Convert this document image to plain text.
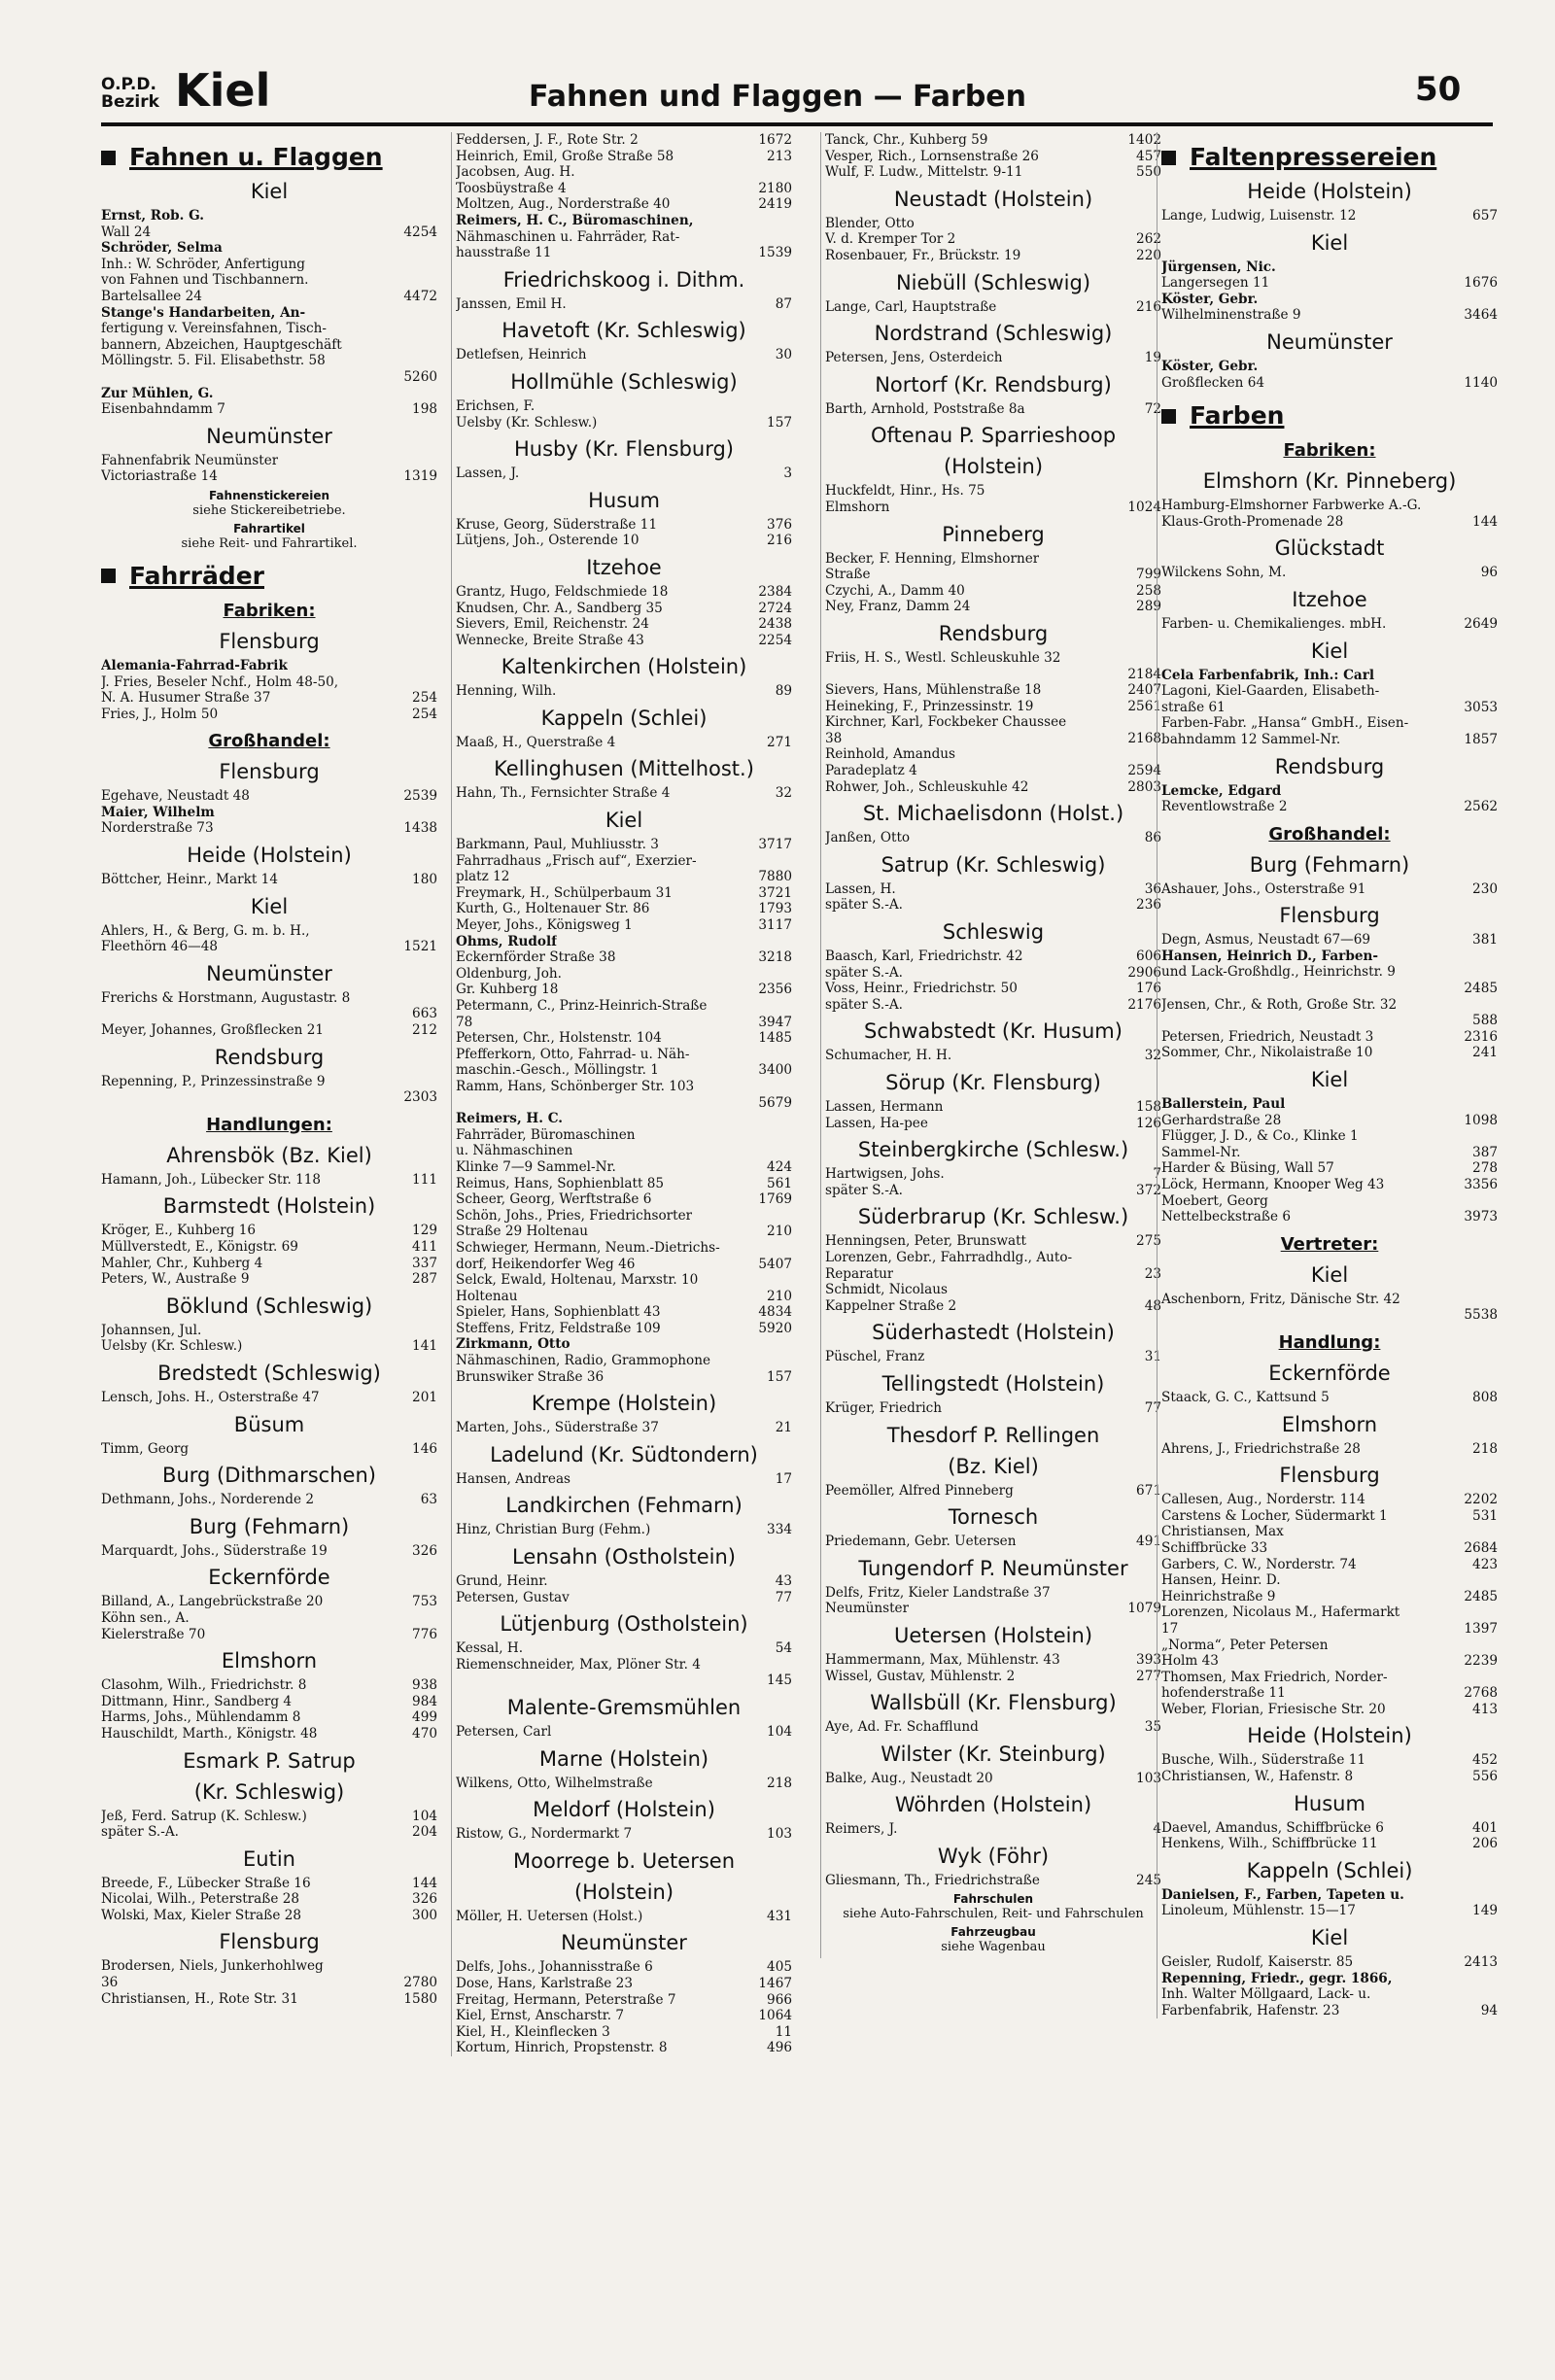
O.P.D.
Bezirk Kiel	Fahnen und Flaggen — Farben	50
Fahnen u. Flaggen
Kiel
Ernst, Rob. G.
Wall 24	4254
Schröder, Selma
Inh.: W. Schröder, Anfertigung
von Fahnen und Tischbannern.
Bartelsallee 24	4472
Stange's Handarbeiten, An-
fertigung v. Vereinsfahnen, Tisch-
bannern, Abzeichen, Hauptgeschäft
Möllingstr. 5. Fil. Elisabethstr. 58
5260
Zur Mühlen, G.
Eisenbahndamm 7	198
Neumünster
Fahnenfabrik Neumünster
Victoriastraße 14	1319
Fahnenstickereien
siehe Stickereibetriebe.
Fahrartikel
siehe Reit- und Fahrartikel.
Fahrräder
Fabriken:
Flensburg
Alemania-Fahrrad-Fabrik
J. Fries, Beseler Nchf., Holm 48-50,
N. A. Husumer Straße 37	254
Fries, J., Holm 50	254
Großhandel:
Flensburg
Egehave, Neustadt 48	2539
Maier, Wilhelm
Norderstraße 73	1438
Heide (Holstein)
Böttcher, Heinr., Markt 14	180
Kiel
Ahlers, H., & Berg, G. m. b. H.,
Fleethörn 46—48	1521
Neumünster
Frerichs & Horstmann, Augustastr. 8
663
Meyer, Johannes, Großflecken 21	212
Rendsburg
Repenning, P., Prinzessinstraße 9
2303
Handlungen:
Ahrensbök (Bz. Kiel)
Hamann, Joh., Lübecker Str. 118	111
Barmstedt (Holstein)
Kröger, E., Kuhberg 16	129
Müllverstedt, E., Königstr. 69	411
Mahler, Chr., Kuhberg 4	337
Peters, W., Austraße 9	287
Böklund (Schleswig)
Johannsen, Jul.
Uelsby (Kr. Schlesw.)	141
Bredstedt (Schleswig)
Lensch, Johs. H., Osterstraße 47	201
Büsum
Timm, Georg	146
Burg (Dithmarschen)
Dethmann, Johs., Norderende 2	63
Burg (Fehmarn)
Marquardt, Johs., Süderstraße 19	326
Eckernförde
Billand, A., Langebrückstraße 20	753
Köhn sen., A.
Kielerstraße 70	776
Elmshorn
Clasohm, Wilh., Friedrichstr. 8	938
Dittmann, Hinr., Sandberg 4	984
Harms, Johs., Mühlendamm 8	499
Hauschildt, Marth., Königstr. 48	470
Esmark P. Satrup
(Kr. Schleswig)
Jeß, Ferd. Satrup (K. Schlesw.)	104
später S.-A.	204
Eutin
Breede, F., Lübecker Straße 16	144
Nicolai, Wilh., Peterstraße 28	326
Wolski, Max, Kieler Straße 28	300
Flensburg
Brodersen, Niels, Junkerhohlweg
36	2780
Christiansen, H., Rote Str. 31	1580
Feddersen, J. F., Rote Str. 2	1672
Heinrich, Emil, Große Straße 58	213
Jacobsen, Aug. H.
Toosbüystraße 4	2180
Moltzen, Aug., Norderstraße 40	2419
Reimers, H. C., Büromaschinen,
Nähmaschinen u. Fahrräder, Rat-
hausstraße 11	1539
Friedrichskoog i. Dithm.
Janssen, Emil H.	87
Havetoft (Kr. Schleswig)
Detlefsen, Heinrich	30
Hollmühle (Schleswig)
Erichsen, F.
Uelsby (Kr. Schlesw.)	157
Husby (Kr. Flensburg)
Lassen, J.	3
Husum
Kruse, Georg, Süderstraße 11	376
Lütjens, Joh., Osterende 10	216
Itzehoe
Grantz, Hugo, Feldschmiede 18	2384
Knudsen, Chr. A., Sandberg 35	2724
Sievers, Emil, Reichenstr. 24	2438
Wennecke, Breite Straße 43	2254
Kaltenkirchen (Holstein)
Henning, Wilh.	89
Kappeln (Schlei)
Maaß, H., Querstraße 4	271
Kellinghusen (Mittelhost.)
Hahn, Th., Fernsichter Straße 4	32
Kiel
Barkmann, Paul, Muhliusstr. 3	3717
Fahrradhaus „Frisch auf“, Exerzier-
platz 12	7880
Freymark, H., Schülperbaum 31	3721
Kurth, G., Holtenauer Str. 86	1793
Meyer, Johs., Königsweg 1	3117
Ohms, Rudolf
Eckernförder Straße 38	3218
Oldenburg, Joh.
Gr. Kuhberg 18	2356
Petermann, C., Prinz-Heinrich-Straße
78	3947
Petersen, Chr., Holstenstr. 104	1485
Pfefferkorn, Otto, Fahrrad- u. Näh-
maschin.-Gesch., Möllingstr. 1	3400
Ramm, Hans, Schönberger Str. 103
5679
Reimers, H. C.
Fahrräder, Büromaschinen
u. Nähmaschinen
Klinke 7—9 Sammel-Nr.	424
Reimus, Hans, Sophienblatt 85	561
Scheer, Georg, Werftstraße 6	1769
Schön, Johs., Pries, Friedrichsorter
Straße 29 Holtenau	210
Schwieger, Hermann, Neum.-Dietrichs-
dorf, Heikendorfer Weg 46	5407
Selck, Ewald, Holtenau, Marxstr. 10
Holtenau	210
Spieler, Hans, Sophienblatt 43	4834
Steffens, Fritz, Feldstraße 109	5920
Zirkmann, Otto
Nähmaschinen, Radio, Grammophone
Brunswiker Straße 36	157
Krempe (Holstein)
Marten, Johs., Süderstraße 37	21
Ladelund (Kr. Südtondern)
Hansen, Andreas	17
Landkirchen (Fehmarn)
Hinz, Christian Burg (Fehm.)	334
Lensahn (Ostholstein)
Grund, Heinr.	43
Petersen, Gustav	77
Lütjenburg (Ostholstein)
Kessal, H.	54
Riemenschneider, Max, Plöner Str. 4
145
Malente-Gremsmühlen
Petersen, Carl	104
Marne (Holstein)
Wilkens, Otto, Wilhelmstraße	218
Meldorf (Holstein)
Ristow, G., Nordermarkt 7	103
Moorrege b. Uetersen
(Holstein)
Möller, H. Uetersen (Holst.)	431
Neumünster
Delfs, Johs., Johannisstraße 6	405
Dose, Hans, Karlstraße 23	1467
Freitag, Hermann, Peterstraße 7	966
Kiel, Ernst, Anscharstr. 7	1064
Kiel, H., Kleinflecken 3	11
Kortum, Hinrich, Propstenstr. 8	496
Tanck, Chr., Kuhberg 59	1402
Vesper, Rich., Lornsenstraße 26	457
Wulf, F. Ludw., Mittelstr. 9-11	550
Neustadt (Holstein)
Blender, Otto
V. d. Kremper Tor 2	262
Rosenbauer, Fr., Brückstr. 19	220
Niebüll (Schleswig)
Lange, Carl, Hauptstraße	216
Nordstrand (Schleswig)
Petersen, Jens, Osterdeich	19
Nortorf (Kr. Rendsburg)
Barth, Arnhold, Poststraße 8a	72
Oftenau P. Sparrieshoop
(Holstein)
Huckfeldt, Hinr., Hs. 75
Elmshorn	1024
Pinneberg
Becker, F. Henning, Elmshorner
Straße	799
Czychi, A., Damm 40	258
Ney, Franz, Damm 24	289
Rendsburg
Friis, H. S., Westl. Schleuskuhle 32
2184
Sievers, Hans, Mühlenstraße 18	2407
Heineking, F., Prinzessinstr. 19	2561
Kirchner, Karl, Fockbeker Chaussee
38	2168
Reinhold, Amandus
Paradeplatz 4	2594
Rohwer, Joh., Schleuskuhle 42	2803
St. Michaelisdonn (Holst.)
Janßen, Otto	86
Satrup (Kr. Schleswig)
Lassen, H.	36
später S.-A.	236
Schleswig
Baasch, Karl, Friedrichstr. 42	606
später S.-A.	2906
Voss, Heinr., Friedrichstr. 50	176
später S.-A.	2176
Schwabstedt (Kr. Husum)
Schumacher, H. H.	32
Sörup (Kr. Flensburg)
Lassen, Hermann	158
Lassen, Ha-pee	126
Steinbergkirche (Schlesw.)
Hartwigsen, Johs.	7
später S.-A.	372
Süderbrarup (Kr. Schlesw.)
Henningsen, Peter, Brunswatt	275
Lorenzen, Gebr., Fahrradhdlg., Auto-
Reparatur	23
Schmidt, Nicolaus
Kappelner Straße 2	48
Süderhastedt (Holstein)
Püschel, Franz	31
Tellingstedt (Holstein)
Krüger, Friedrich	77
Thesdorf P. Rellingen
(Bz. Kiel)
Peemöller, Alfred Pinneberg	671
Tornesch
Priedemann, Gebr. Uetersen	491
Tungendorf P. Neumünster
Delfs, Fritz, Kieler Landstraße 37
Neumünster	1079
Uetersen (Holstein)
Hammermann, Max, Mühlenstr. 43	393
Wissel, Gustav, Mühlenstr. 2	277
Wallsbüll (Kr. Flensburg)
Aye, Ad. Fr. Schafflund	35
Wilster (Kr. Steinburg)
Balke, Aug., Neustadt 20	103
Wöhrden (Holstein)
Reimers, J.	4
Wyk (Föhr)
Gliesmann, Th., Friedrichstraße	245
Fahrschulen
siehe Auto-Fahrschulen, Reit- und Fahrschulen
Fahrzeugbau
siehe Wagenbau
Faltenpressereien
Heide (Holstein)
Lange, Ludwig, Luisenstr. 12	657
Kiel
Jürgensen, Nic.
Langersegen 11	1676
Köster, Gebr.
Wilhelminenstraße 9	3464
Neumünster
Köster, Gebr.
Großflecken 64	1140
Farben
Fabriken:
Elmshorn (Kr. Pinneberg)
Hamburg-Elmshorner Farbwerke A.-G.
Klaus-Groth-Promenade 28	144
Glückstadt
Wilckens Sohn, M.	96
Itzehoe
Farben- u. Chemikalienges. mbH.	2649
Kiel
Cela Farbenfabrik, Inh.: Carl
Lagoni, Kiel-Gaarden, Elisabeth-
straße 61	3053
Farben-Fabr. „Hansa“ GmbH., Eisen-
bahndamm 12 Sammel-Nr.	1857
Rendsburg
Lemcke, Edgard
Reventlowstraße 2	2562
Großhandel:
Burg (Fehmarn)
Ashauer, Johs., Osterstraße 91	230
Flensburg
Degn, Asmus, Neustadt 67—69	381
Hansen, Heinrich D., Farben-
und Lack-Großhdlg., Heinrichstr. 9
2485
Jensen, Chr., & Roth, Große Str. 32
588
Petersen, Friedrich, Neustadt 3	2316
Sommer, Chr., Nikolaistraße 10	241
Kiel
Ballerstein, Paul
Gerhardstraße 28	1098
Flügger, J. D., & Co., Klinke 1
Sammel-Nr.	387
Harder & Büsing, Wall 57	278
Löck, Hermann, Knooper Weg 43	3356
Moebert, Georg
Nettelbeckstraße 6	3973
Vertreter:
Kiel
Aschenborn, Fritz, Dänische Str. 42
5538
Handlung:
Eckernförde
Staack, G. C., Kattsund 5	808
Elmshorn
Ahrens, J., Friedrichstraße 28	218
Flensburg
Callesen, Aug., Norderstr. 114	2202
Carstens & Locher, Südermarkt 1	531
Christiansen, Max
Schiffbrücke 33	2684
Garbers, C. W., Norderstr. 74	423
Hansen, Heinr. D.
Heinrichstraße 9	2485
Lorenzen, Nicolaus M., Hafermarkt
17	1397
„Norma“, Peter Petersen
Holm 43	2239
Thomsen, Max Friedrich, Norder-
hofenderstraße 11	2768
Weber, Florian, Friesische Str. 20	413
Heide (Holstein)
Busche, Wilh., Süderstraße 11	452
Christiansen, W., Hafenstr. 8	556
Husum
Daevel, Amandus, Schiffbrücke 6	401
Henkens, Wilh., Schiffbrücke 11	206
Kappeln (Schlei)
Danielsen, F., Farben, Tapeten u.
Linoleum, Mühlenstr. 15—17	149
Kiel
Geisler, Rudolf, Kaiserstr. 85	2413
Repenning, Friedr., gegr. 1866,
Inh. Walter Möllgaard, Lack- u.
Farbenfabrik, Hafenstr. 23	94
